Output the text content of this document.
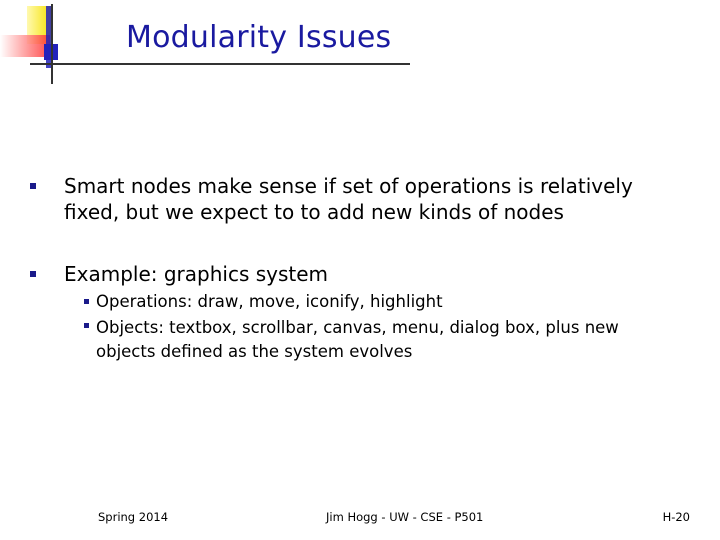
Modularity Issues
Smart nodes make sense if set of operations is relatively
fixed, but we expect to to add new kinds of nodes
Example: graphics system
Operations: draw, move, iconify, highlight
Objects: textbox, scrollbar, canvas, menu, dialog box, plus new
objects defined as the system evolves
Spring 2014	Jim Hogg - UW - CSE - P501	H-20
